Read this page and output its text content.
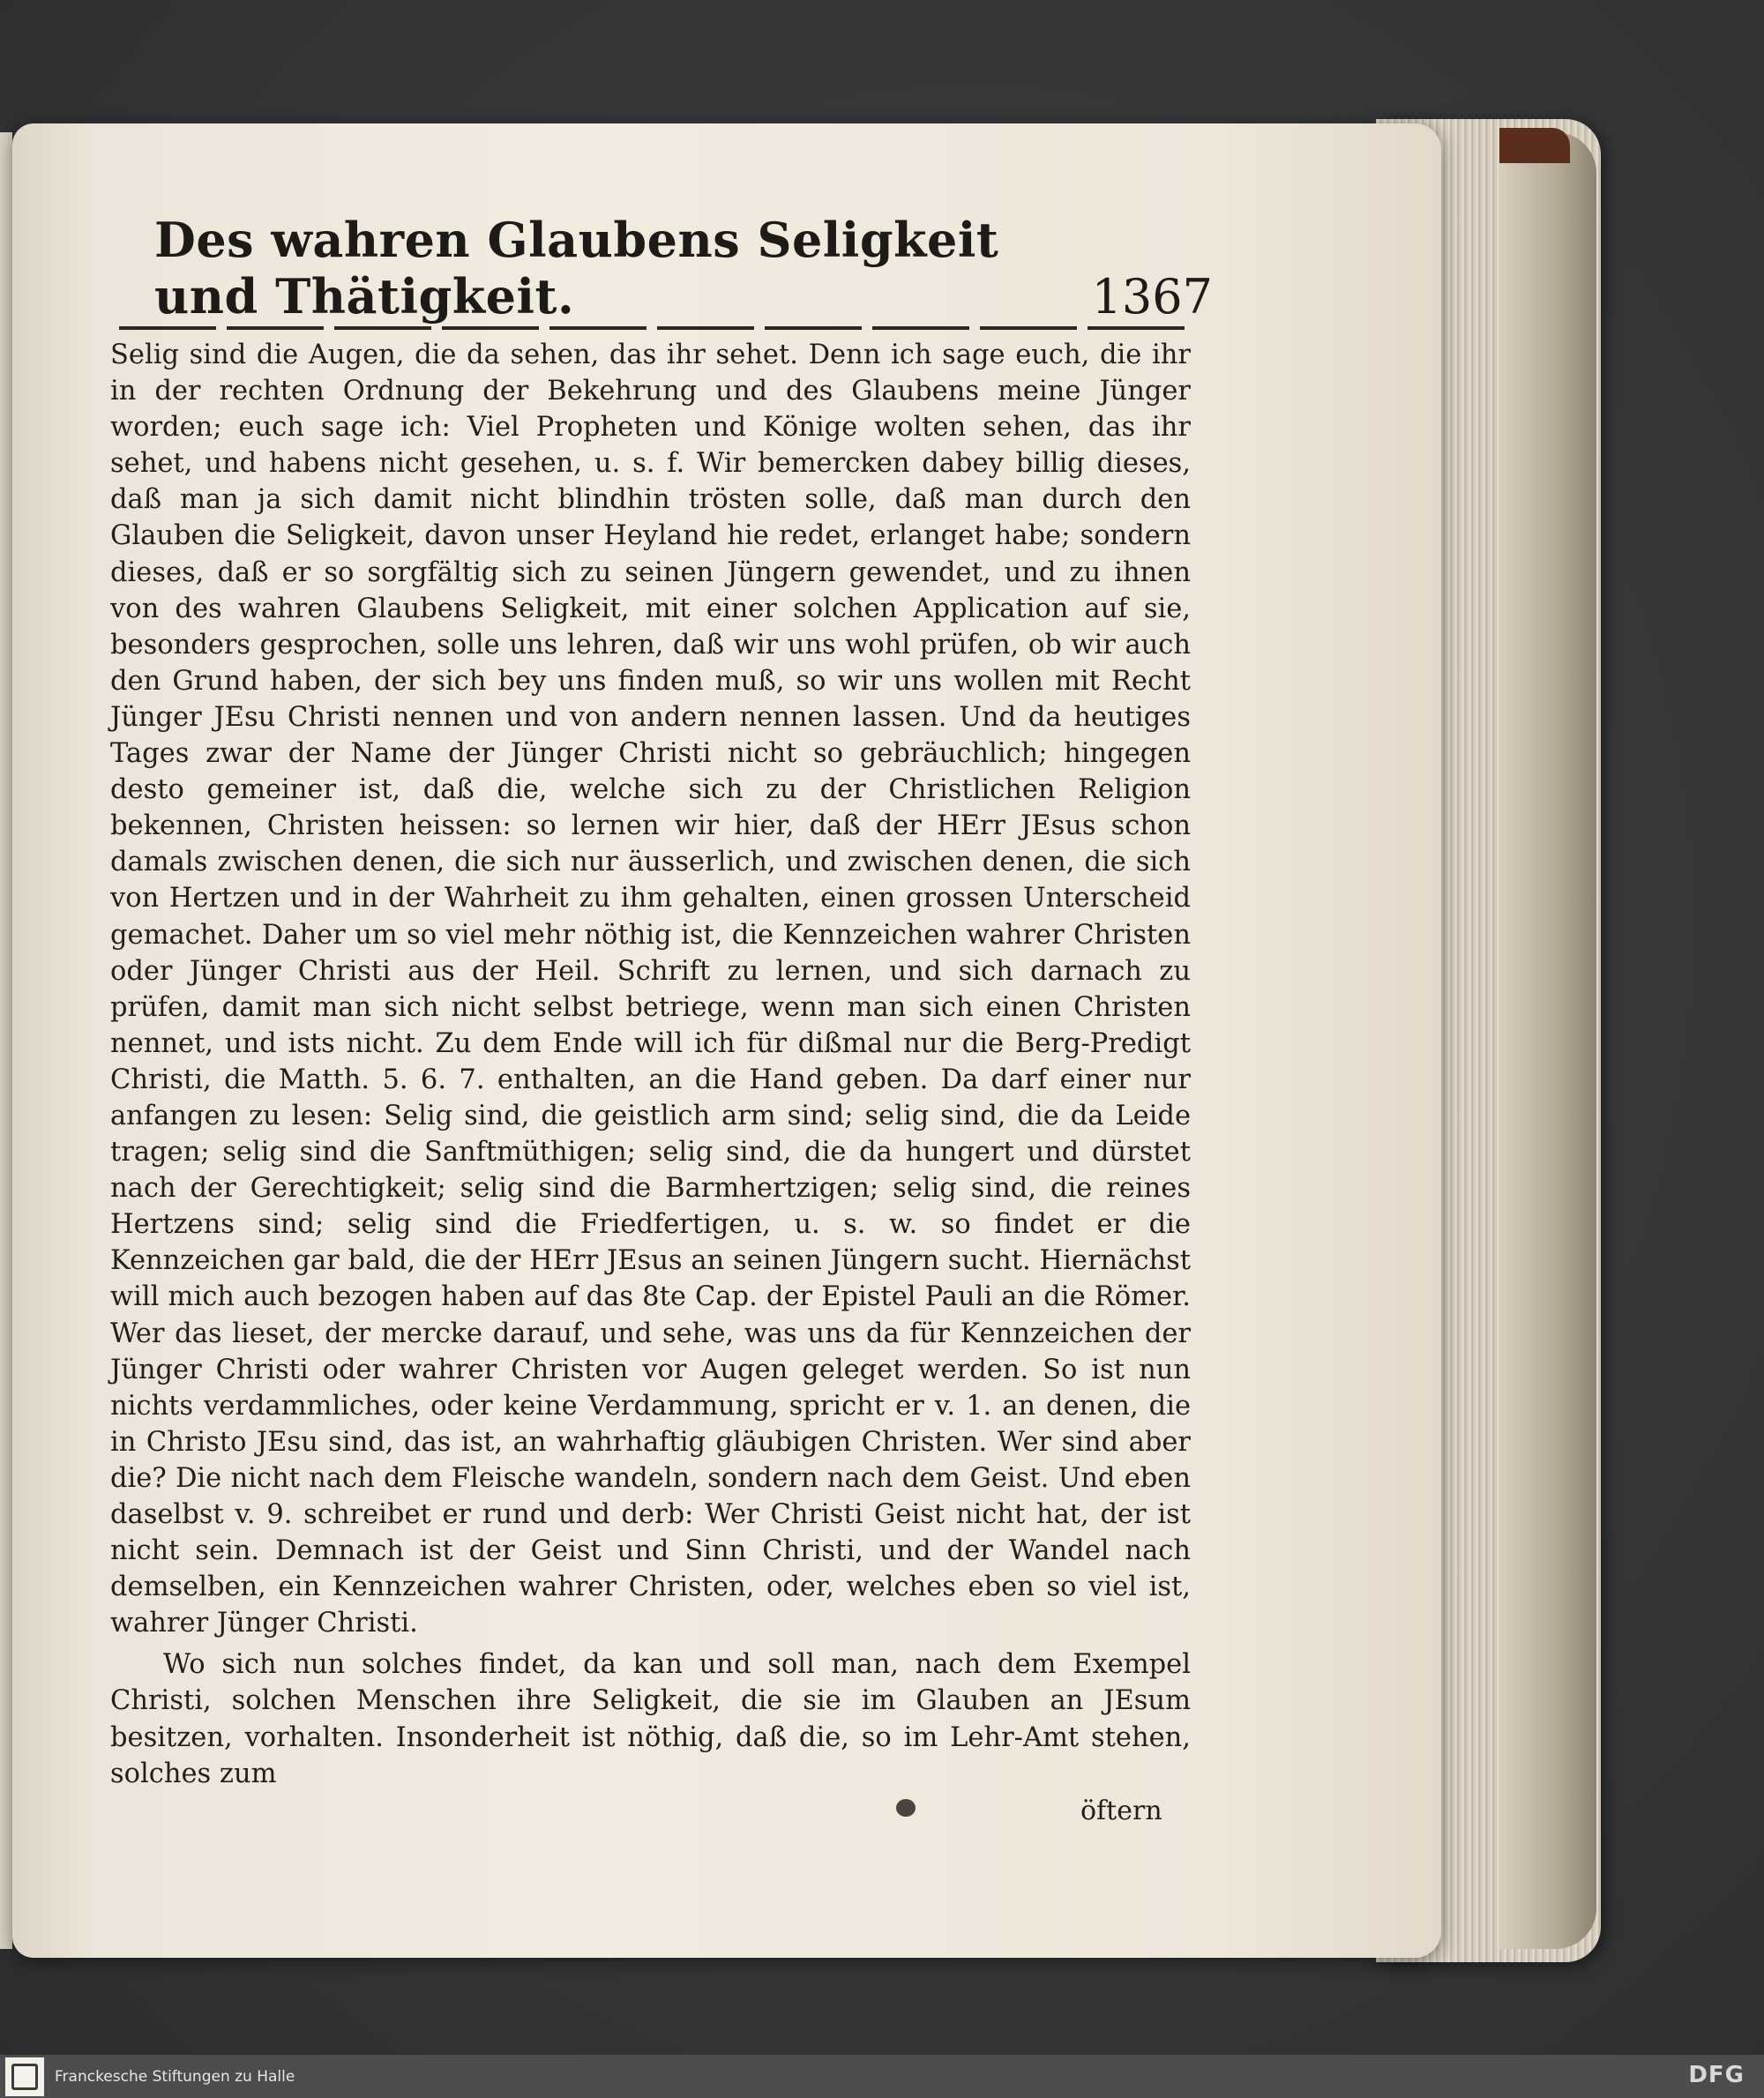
Des wahren Glaubens Seligkeit und Thätigkeit.	1367

Selig sind die Augen, die da sehen, das ihr sehet. Denn ich sage euch, die ihr in der rechten Ordnung der Bekehrung und des Glaubens meine Jünger worden; euch sage ich: Viel Propheten und Könige wolten sehen, das ihr sehet, und habens nicht gesehen, u. s. f. Wir bemercken dabey billig dieses, daß man ja sich damit nicht blindhin trösten solle, daß man durch den Glauben die Seligkeit, davon unser Heyland hie redet, erlanget habe; sondern dieses, daß er so sorgfältig sich zu seinen Jüngern gewendet, und zu ihnen von des wahren Glaubens Seligkeit, mit einer solchen Application auf sie, besonders gesprochen, solle uns lehren, daß wir uns wohl prüfen, ob wir auch den Grund haben, der sich bey uns finden muß, so wir uns wollen mit Recht Jünger JEsu Christi nennen und von andern nennen lassen. Und da heutiges Tages zwar der Name der Jünger Christi nicht so gebräuchlich; hingegen desto gemeiner ist, daß die, welche sich zu der Christlichen Religion bekennen, Christen heissen: so lernen wir hier, daß der HErr JEsus schon damals zwischen denen, die sich nur äusserlich, und zwischen denen, die sich von Hertzen und in der Wahrheit zu ihm gehalten, einen grossen Unterscheid gemachet. Daher um so viel mehr nöthig ist, die Kennzeichen wahrer Christen oder Jünger Christi aus der Heil. Schrift zu lernen, und sich darnach zu prüfen, damit man sich nicht selbst betriege, wenn man sich einen Christen nennet, und ists nicht. Zu dem Ende will ich für dißmal nur die Berg-Predigt Christi, die Matth. 5. 6. 7. enthalten, an die Hand geben. Da darf einer nur anfangen zu lesen: Selig sind, die geistlich arm sind; selig sind, die da Leide tragen; selig sind die Sanftmüthigen; selig sind, die da hungert und dürstet nach der Gerechtigkeit; selig sind die Barmhertzigen; selig sind, die reines Hertzens sind; selig sind die Friedfertigen, u. s. w. so findet er die Kennzeichen gar bald, die der HErr JEsus an seinen Jüngern sucht. Hiernächst will mich auch bezogen haben auf das 8te Cap. der Epistel Pauli an die Römer. Wer das lieset, der mercke darauf, und sehe, was uns da für Kennzeichen der Jünger Christi oder wahrer Christen vor Augen geleget werden. So ist nun nichts verdammliches, oder keine Verdammung, spricht er v. 1. an denen, die in Christo JEsu sind, das ist, an wahrhaftig gläubigen Christen. Wer sind aber die? Die nicht nach dem Fleische wandeln, sondern nach dem Geist. Und eben daselbst v. 9. schreibet er rund und derb: Wer Christi Geist nicht hat, der ist nicht sein. Demnach ist der Geist und Sinn Christi, und der Wandel nach demselben, ein Kennzeichen wahrer Christen, oder, welches eben so viel ist, wahrer Jünger Christi.

Wo sich nun solches findet, da kan und soll man, nach dem Exempel Christi, solchen Menschen ihre Seligkeit, die sie im Glauben an JEsum besitzen, vorhalten. Insonderheit ist nöthig, daß die, so im Lehr-Amt stehen, solches zum

öftern
Franckesche Stiftungen zu Halle	DFG
